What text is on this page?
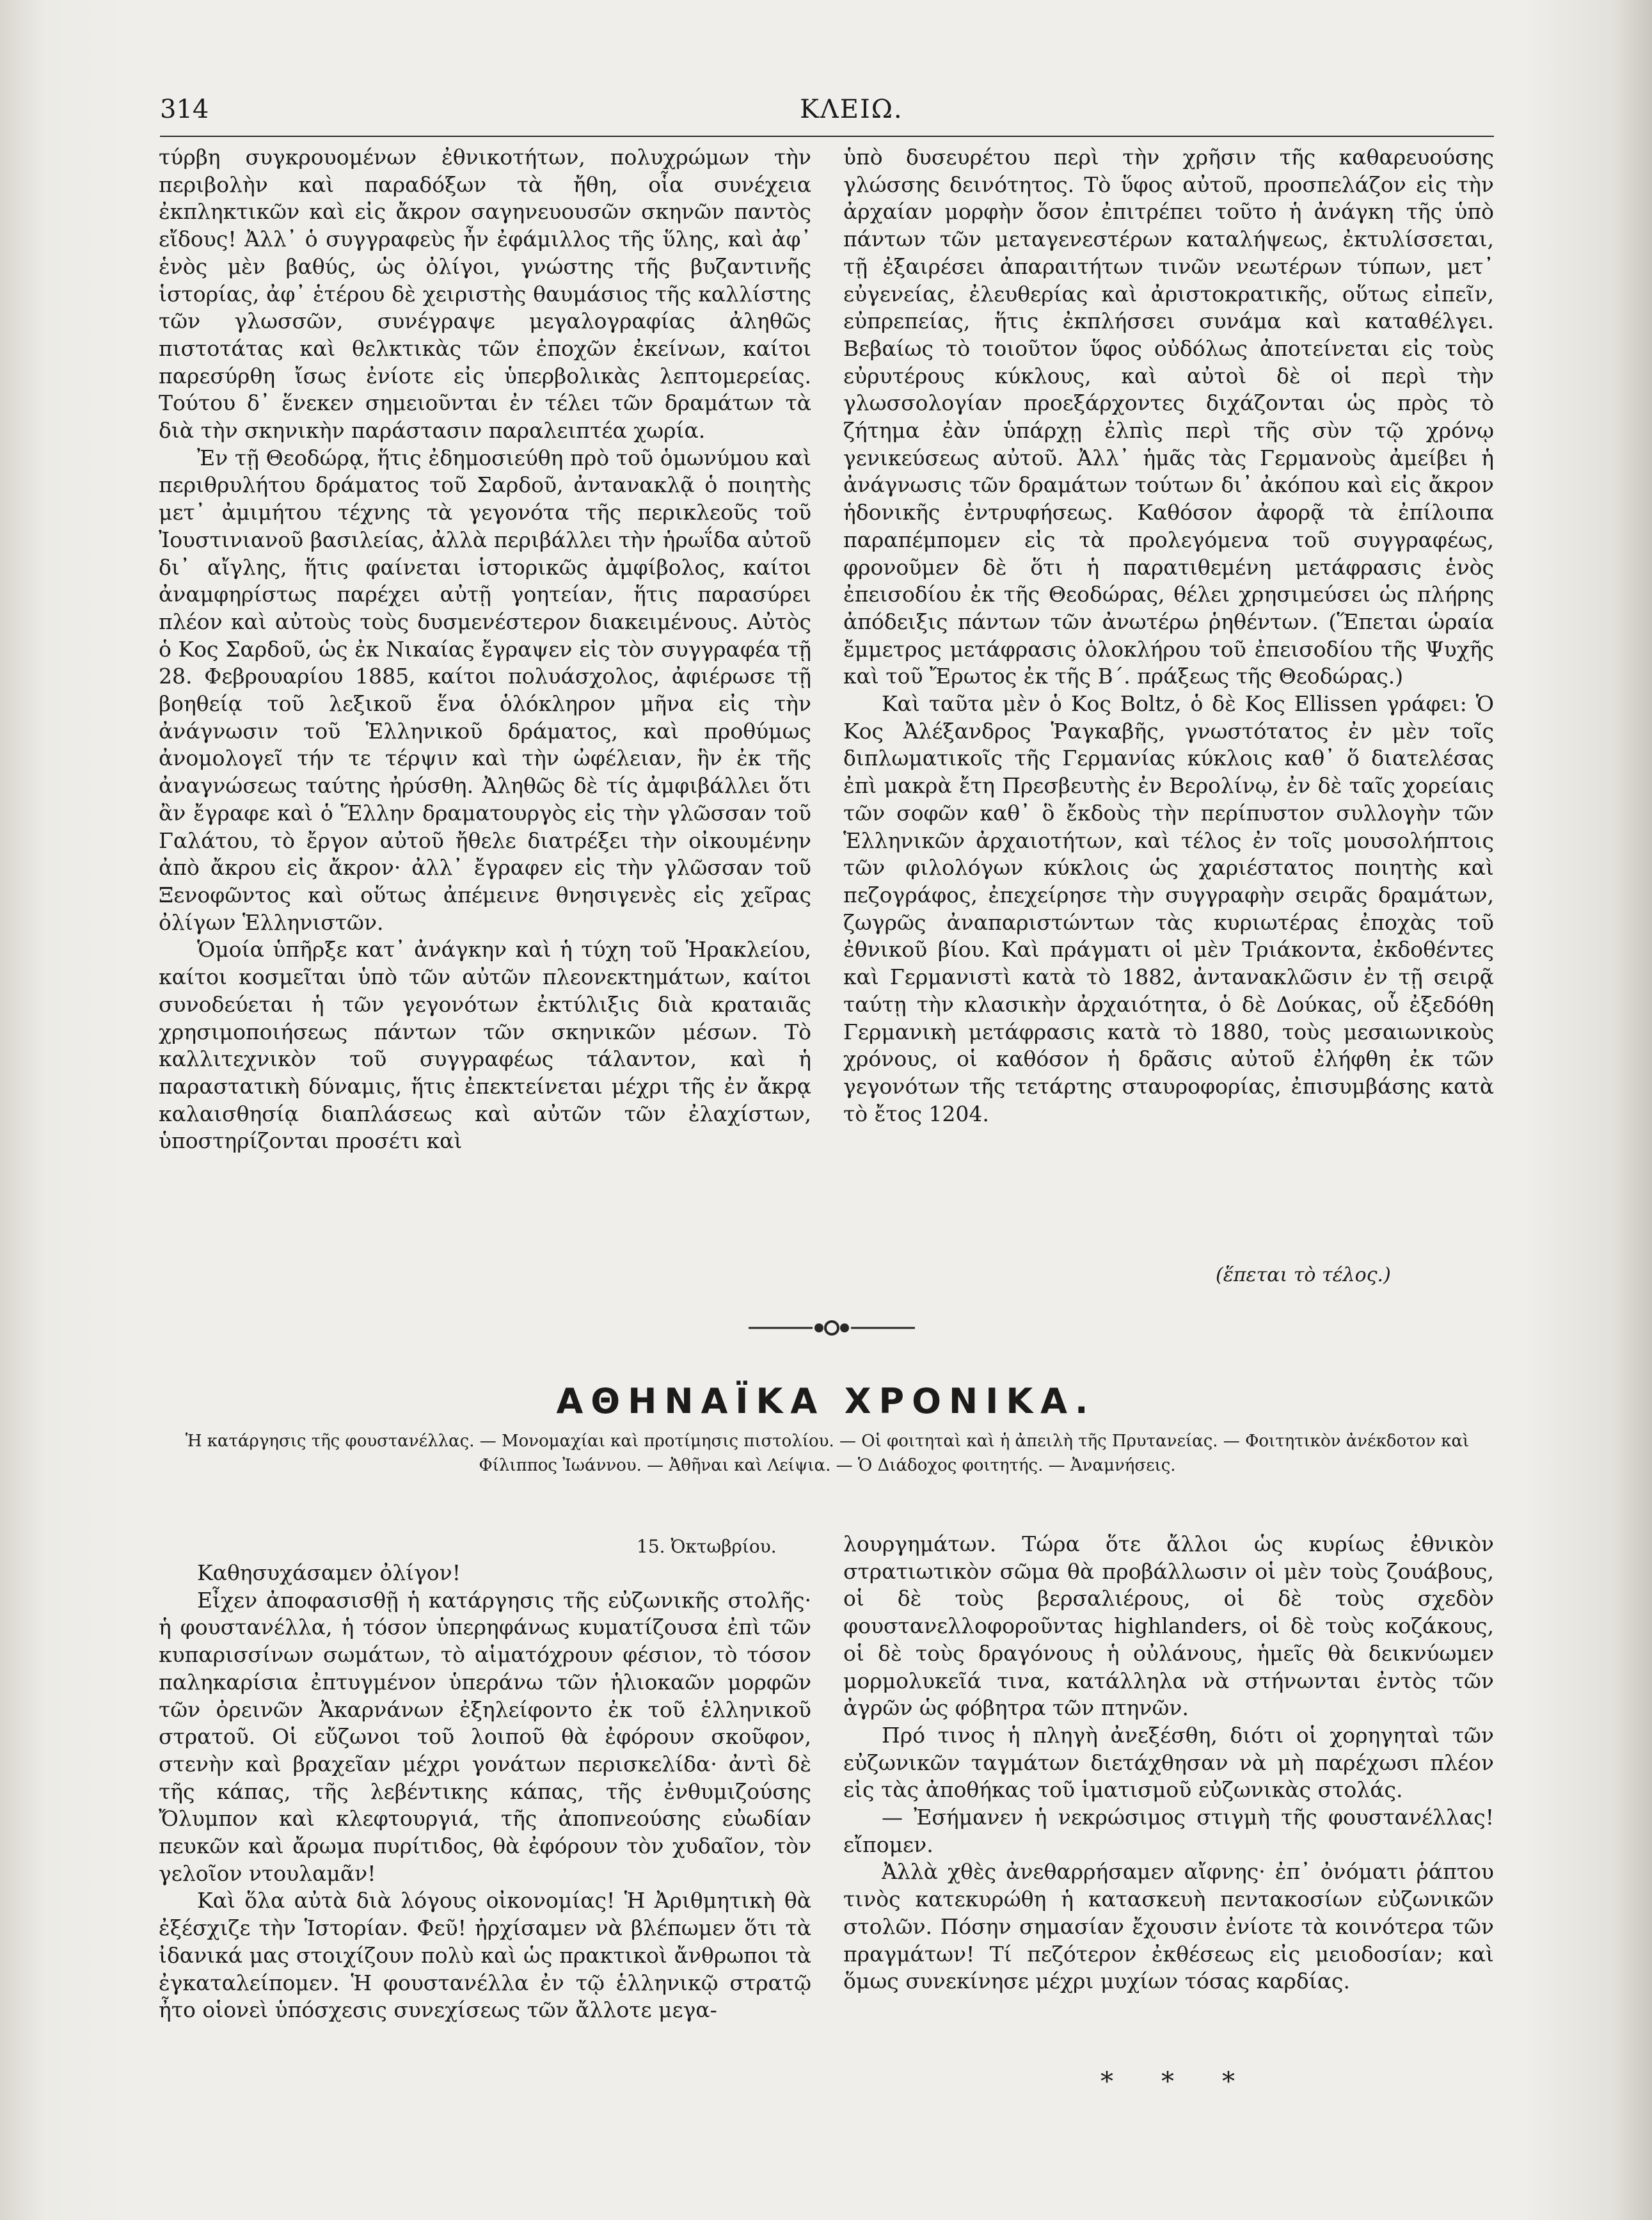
314	ΚΛΕΙΩ.

τύρβη συγκρουομένων ἐθνικοτήτων, πολυχρώμων τὴν περιβολὴν καὶ παραδόξων τὰ ἤθη, οἷα συνέχεια ἐκπληκτικῶν καὶ εἰς ἄκρον σαγηνευουσῶν σκηνῶν παντὸς εἴδους! Ἀλλ᾽ ὁ συγγραφεὺς ἦν ἐφάμιλλος τῆς ὕλης, καὶ ἀφ᾽ ἑνὸς μὲν βαθύς, ὡς ὀλίγοι, γνώστης τῆς βυζαντινῆς ἱστορίας, ἀφ᾽ ἑτέρου δὲ χειριστὴς θαυμάσιος τῆς καλλίστης τῶν γλωσσῶν, συνέγραψε μεγαλογραφίας ἀληθῶς πιστοτάτας καὶ θελκτικὰς τῶν ἐποχῶν ἐκείνων, καίτοι παρεσύρθη ἴσως ἐνίοτε εἰς ὑπερβολικὰς λεπτομερείας. Τούτου δ᾽ ἕνεκεν σημειοῦνται ἐν τέλει τῶν δραμάτων τὰ διὰ τὴν σκηνικὴν παράστασιν παραλειπτέα χωρία.

Ἐν τῇ Θεοδώρᾳ, ἥτις ἐδημοσιεύθη πρὸ τοῦ ὁμωνύμου καὶ περιθρυλήτου δράματος τοῦ Σαρδοῦ, ἀντανακλᾷ ὁ ποιητὴς μετ᾽ ἀμιμήτου τέχνης τὰ γεγονότα τῆς περικλεοῦς τοῦ Ἰουστινιανοῦ βασιλείας, ἀλλὰ περιβάλλει τὴν ἡρωΐδα αὐτοῦ δι᾽ αἴγλης, ἥτις φαίνεται ἱστορικῶς ἀμφίβολος, καίτοι ἀναμφηρίστως παρέχει αὐτῇ γοητείαν, ἥτις παρασύρει πλέον καὶ αὐτοὺς τοὺς δυσμενέστερον διακειμένους. Αὐτὸς ὁ Κος Σαρδοῦ, ὡς ἐκ Νικαίας ἔγραψεν εἰς τὸν συγγραφέα τῇ 28. Φεβρουαρίου 1885, καίτοι πολυάσχολος, ἀφιέρωσε τῇ βοηθείᾳ τοῦ λεξικοῦ ἕνα ὁλόκληρον μῆνα εἰς τὴν ἀνάγνωσιν τοῦ Ἑλληνικοῦ δράματος, καὶ προθύμως ἀνομολογεῖ τήν τε τέρψιν καὶ τὴν ὠφέλειαν, ἣν ἐκ τῆς ἀναγνώσεως ταύτης ἠρύσθη. Ἀληθῶς δὲ τίς ἀμφιβάλλει ὅτι ἂν ἔγραφε καὶ ὁ Ἕλλην δραματουργὸς εἰς τὴν γλῶσσαν τοῦ Γαλάτου, τὸ ἔργον αὐτοῦ ἤθελε διατρέξει τὴν οἰκουμένην ἀπὸ ἄκρου εἰς ἄκρον· ἀλλ᾽ ἔγραφεν εἰς τὴν γλῶσσαν τοῦ Ξενοφῶντος καὶ οὕτως ἀπέμεινε θνησιγενὲς εἰς χεῖρας ὀλίγων Ἑλληνιστῶν.

Ὁμοία ὑπῆρξε κατ᾽ ἀνάγκην καὶ ἡ τύχη τοῦ Ἡρακλείου, καίτοι κοσμεῖται ὑπὸ τῶν αὐτῶν πλεονεκτημάτων, καίτοι συνοδεύεται ἡ τῶν γεγονότων ἐκτύλιξις διὰ κραταιᾶς χρησιμοποιήσεως πάντων τῶν σκηνικῶν μέσων. Τὸ καλλιτεχνικὸν τοῦ συγγραφέως τάλαντον, καὶ ἡ παραστατικὴ δύναμις, ἥτις ἐπεκτείνεται μέχρι τῆς ἐν ἄκρᾳ καλαισθησίᾳ διαπλάσεως καὶ αὐτῶν τῶν ἐλαχίστων, ὑποστηρίζονται προσέτι καὶ

ὑπὸ δυσευρέτου περὶ τὴν χρῆσιν τῆς καθαρευούσης γλώσσης δεινότητος. Τὸ ὕφος αὐτοῦ, προσπελάζον εἰς τὴν ἀρχαίαν μορφὴν ὅσον ἐπιτρέπει τοῦτο ἡ ἀνάγκη τῆς ὑπὸ πάντων τῶν μεταγενεστέρων καταλήψεως, ἐκτυλίσσεται, τῇ ἐξαιρέσει ἀπαραιτήτων τινῶν νεωτέρων τύπων, μετ᾽ εὐγενείας, ἐλευθερίας καὶ ἀριστοκρατικῆς, οὕτως εἰπεῖν, εὐπρεπείας, ἥτις ἐκπλήσσει συνάμα καὶ καταθέλγει. Βεβαίως τὸ τοιοῦτον ὕφος οὐδόλως ἀποτείνεται εἰς τοὺς εὐρυτέρους κύκλους, καὶ αὐτοὶ δὲ οἱ περὶ τὴν γλωσσολογίαν προεξάρχοντες διχάζονται ὡς πρὸς τὸ ζήτημα ἐὰν ὑπάρχῃ ἐλπὶς περὶ τῆς σὺν τῷ χρόνῳ γενικεύσεως αὐτοῦ. Ἀλλ᾽ ἡμᾶς τὰς Γερμανοὺς ἀμείβει ἡ ἀνάγνωσις τῶν δραμάτων τούτων δι᾽ ἀκόπου καὶ εἰς ἄκρον ἡδονικῆς ἐντρυφήσεως. Καθόσον ἀφορᾷ τὰ ἐπίλοιπα παραπέμπομεν εἰς τὰ προλεγόμενα τοῦ συγγραφέως, φρονοῦμεν δὲ ὅτι ἡ παρατιθεμένη μετάφρασις ἑνὸς ἐπεισοδίου ἐκ τῆς Θεοδώρας, θέλει χρησιμεύσει ὡς πλήρης ἀπόδειξις πάντων τῶν ἀνωτέρω ῥηθέντων. (Ἕπεται ὡραία ἔμμετρος μετάφρασις ὁλοκλήρου τοῦ ἐπεισοδίου τῆς Ψυχῆς καὶ τοῦ Ἔρωτος ἐκ τῆς Β΄. πράξεως τῆς Θεοδώρας.)

Καὶ ταῦτα μὲν ὁ Κος Boltz, ὁ δὲ Κος Ellissen γράφει: Ὁ Κος Ἀλέξανδρος Ῥαγκαβῆς, γνωστότατος ἐν μὲν τοῖς διπλωματικοῖς τῆς Γερμανίας κύκλοις καθ᾽ ὅ διατελέσας ἐπὶ μακρὰ ἔτη Πρεσβευτὴς ἐν Βερολίνῳ, ἐν δὲ ταῖς χορείαις τῶν σοφῶν καθ᾽ ὃ ἔκδοὺς τὴν περίπυστον συλλογὴν τῶν Ἑλληνικῶν ἀρχαιοτήτων, καὶ τέλος ἐν τοῖς μουσολήπτοις τῶν φιλολόγων κύκλοις ὡς χαριέστατος ποιητὴς καὶ πεζογράφος, ἐπεχείρησε τὴν συγγραφὴν σειρᾶς δραμάτων, ζωγρῶς ἀναπαριστώντων τὰς κυριωτέρας ἐποχὰς τοῦ ἐθνικοῦ βίου. Καὶ πράγματι οἱ μὲν Τριάκοντα, ἐκδοθέντες καὶ Γερμανιστὶ κατὰ τὸ 1882, ἀντανακλῶσιν ἐν τῇ σειρᾷ ταύτῃ τὴν κλασικὴν ἀρχαιότητα, ὁ δὲ Δούκας, οὗ ἐξεδόθη Γερμανικὴ μετάφρασις κατὰ τὸ 1880, τοὺς μεσαιωνικοὺς χρόνους, οἱ καθόσον ἡ δρᾶσις αὐτοῦ ἐλήφθη ἐκ τῶν γεγονότων τῆς τετάρτης σταυροφορίας, ἐπισυμβάσης κατὰ τὸ ἔτος 1204.

(ἕπεται τὸ τέλος.)
ΑΘΗΝΑΪΚΑ ΧΡΟΝΙΚΑ.
Ἡ κατάργησις τῆς φουστανέλλας. — Μονομαχίαι καὶ προτίμησις πιστολίου. — Οἱ φοιτηταὶ καὶ ἡ ἀπειλὴ τῆς Πρυτανείας. — Φοιτητικὸν ἀνέκδοτον καὶ Φίλιππος Ἰωάννου. — Ἀθῆναι καὶ Λείψια. — Ὁ Διάδοχος φοιτητής. — Ἀναμνήσεις.
15. Ὀκτωβρίου.

Καθησυχάσαμεν ὀλίγον!

Εἶχεν ἀποφασισθῇ ἡ κατάργησις τῆς εὐζωνικῆς στολῆς· ἡ φουστανέλλα, ἡ τόσον ὑπερηφάνως κυματίζουσα ἐπὶ τῶν κυπαρισσίνων σωμάτων, τὸ αἱματόχρουν φέσιον, τὸ τόσον παληκαρίσια ἐπτυγμένον ὑπεράνω τῶν ἡλιοκαῶν μορφῶν τῶν ὀρεινῶν Ἀκαρνάνων ἐξηλείφοντο ἐκ τοῦ ἑλληνικοῦ στρατοῦ. Οἱ εὔζωνοι τοῦ λοιποῦ θὰ ἐφόρουν σκοῦφον, στενὴν καὶ βραχεῖαν μέχρι γονάτων περισκελίδα· ἀντὶ δὲ τῆς κάπας, τῆς λεβέντικης κάπας, τῆς ἐνθυμιζούσης Ὄλυμπον καὶ κλεφτουργιά, τῆς ἀποπνεούσης εὐωδίαν πευκῶν καὶ ἄρωμα πυρίτιδος, θὰ ἐφόρουν τὸν χυδαῖον, τὸν γελοῖον ντουλαμᾶν!

Καὶ ὅλα αὐτὰ διὰ λόγους οἰκονομίας! Ἡ Ἀριθμητικὴ θὰ ἐξέσχιζε τὴν Ἱστορίαν. Φεῦ! ἠρχίσαμεν νὰ βλέπωμεν ὅτι τὰ ἰδανικά μας στοιχίζουν πολὺ καὶ ὡς πρακτικοὶ ἄνθρωποι τὰ ἐγκαταλείπομεν. Ἡ φουστανέλλα ἐν τῷ ἑλληνικῷ στρατῷ ἦτο οἱονεὶ ὑπόσχεσις συνεχίσεως τῶν ἄλλοτε μεγα-

λουργημάτων. Τώρα ὅτε ἄλλοι ὡς κυρίως ἐθνικὸν στρατιωτικὸν σῶμα θὰ προβάλλωσιν οἱ μὲν τοὺς ζουάβους, οἱ δὲ τοὺς βερσαλιέρους, οἱ δὲ τοὺς σχεδὸν φουστανελλοφοροῦντας highlanders, οἱ δὲ τοὺς κοζάκους, οἱ δὲ τοὺς δραγόνους ἡ οὐλάνους, ἡμεῖς θὰ δεικνύωμεν μορμολυκεῖά τινα, κατάλληλα νὰ στήνωνται ἐντὸς τῶν ἀγρῶν ὡς φόβητρα τῶν πτηνῶν.

Πρό τινος ἡ πληγὴ ἀνεξέσθη, διότι οἱ χορηγηταὶ τῶν εὐζωνικῶν ταγμάτων διετάχθησαν νὰ μὴ παρέχωσι πλέον εἰς τὰς ἀποθήκας τοῦ ἱματισμοῦ εὐζωνικὰς στολάς.

— Ἐσήμανεν ἡ νεκρώσιμος στιγμὴ τῆς φουστανέλλας! εἴπομεν.

Ἀλλὰ χθὲς ἀνεθαρρήσαμεν αἴφνης· ἐπ᾽ ὀνόματι ῥάπτου τινὸς κατεκυρώθη ἡ κατασκευὴ πεντακοσίων εὐζωνικῶν στολῶν. Πόσην σημασίαν ἔχουσιν ἐνίοτε τὰ κοινότερα τῶν πραγμάτων! Τί πεζότερον ἐκθέσεως εἰς μειοδοσίαν; καὶ ὅμως συνεκίνησε μέχρι μυχίων τόσας καρδίας.

* * *
